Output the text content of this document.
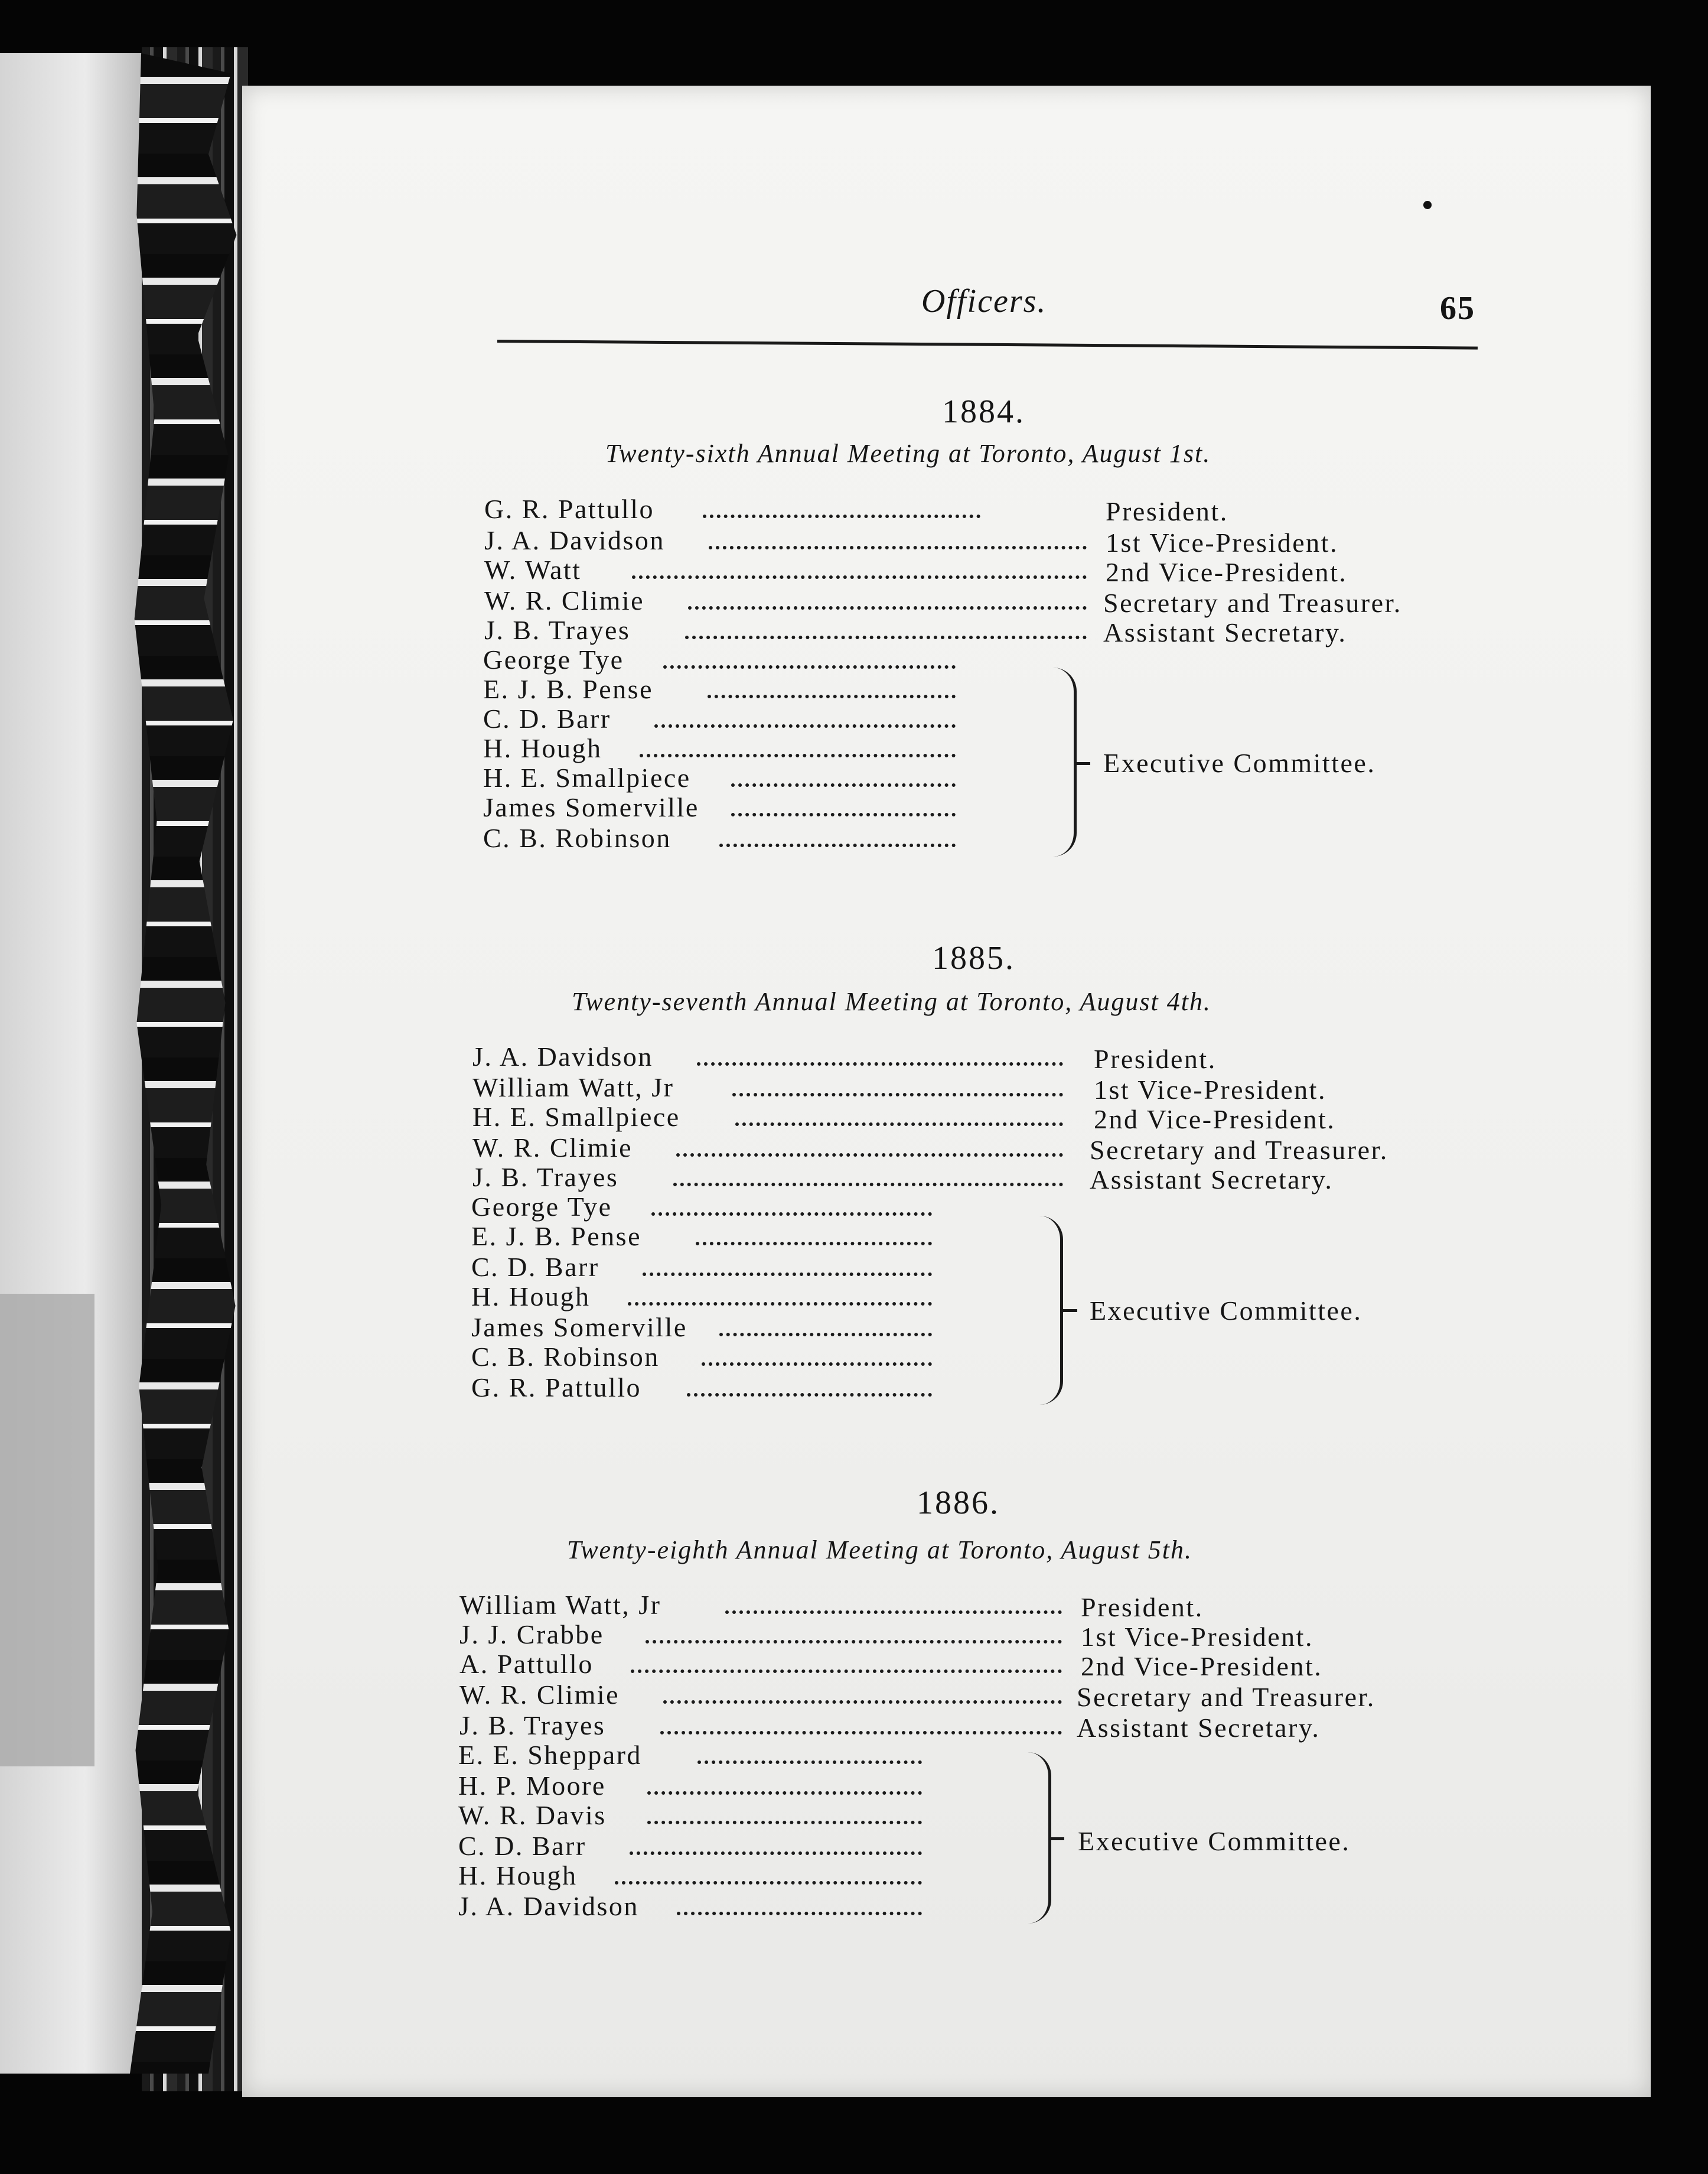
Officers.	65
1884.
Twenty-sixth Annual Meeting at Toronto, August 1st.
G. R. Pattullo	President.
J. A. Davidson	1st Vice-President.
W. Watt	2nd Vice-President.
W. R. Climie	Secretary and Treasurer.
J. B. Trayes	Assistant Secretary.
George Tye
E. J. B. Pense
C. D. Barr
H. Hough
H. E. Smallpiece
James Somerville
C. B. Robinson
Executive Committee.
1885.
Twenty-seventh Annual Meeting at Toronto, August 4th.
J. A. Davidson	President.
William Watt, Jr	1st Vice-President.
H. E. Smallpiece	2nd Vice-President.
W. R. Climie	Secretary and Treasurer.
J. B. Trayes	Assistant Secretary.
George Tye
E. J. B. Pense
C. D. Barr
H. Hough
James Somerville
C. B. Robinson
G. R. Pattullo
Executive Committee.
1886.
Twenty-eighth Annual Meeting at Toronto, August 5th.
William Watt, Jr	President.
J. J. Crabbe	1st Vice-President.
A. Pattullo	2nd Vice-President.
W. R. Climie	Secretary and Treasurer.
J. B. Trayes	Assistant Secretary.
E. E. Sheppard
H. P. Moore
W. R. Davis
C. D. Barr
H. Hough
J. A. Davidson
Executive Committee.
